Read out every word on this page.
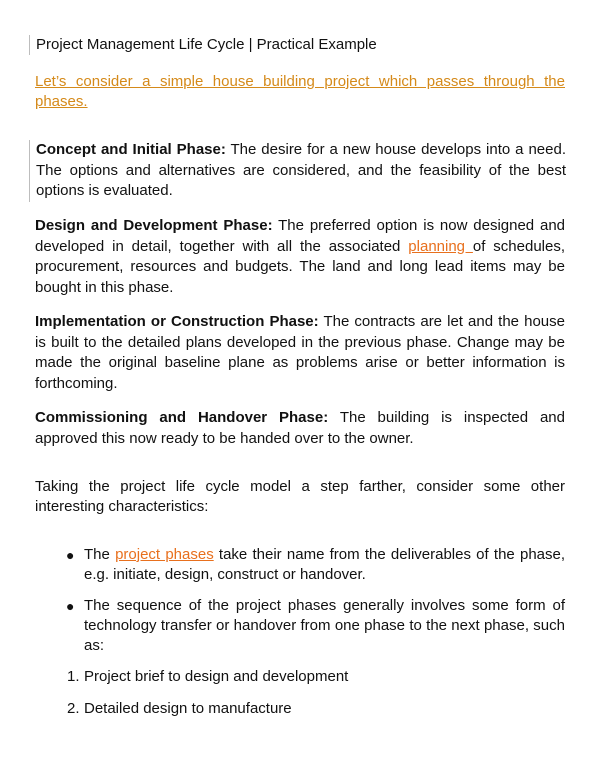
Project Management Life Cycle | Practical Example
Let’s consider a simple house building project which passes through the phases.

Concept and Initial Phase: The desire for a new house develops into a need. The options and alternatives are considered, and the feasibility of the best options is evaluated.

Design and Development Phase: The preferred option is now designed and developed in detail, together with all the associated planning of schedules, procurement, resources and budgets. The land and long lead items may be bought in this phase.

Implementation or Construction Phase: The contracts are let and the house is built to the detailed plans developed in the previous phase. Change may be made the original baseline plane as problems arise or better information is forthcoming.

Commissioning and Handover Phase: The building is inspected and approved this now ready to be handed over to the owner.

Taking the project life cycle model a step farther, consider some other interesting characteristics:

● The project phases take their name from the deliverables of the phase, e.g. initiate, design, construct or handover.
● The sequence of the project phases generally involves some form of technology transfer or handover from one phase to the next phase, such as:
1. Project brief to design and development
2. Detailed design to manufacture
